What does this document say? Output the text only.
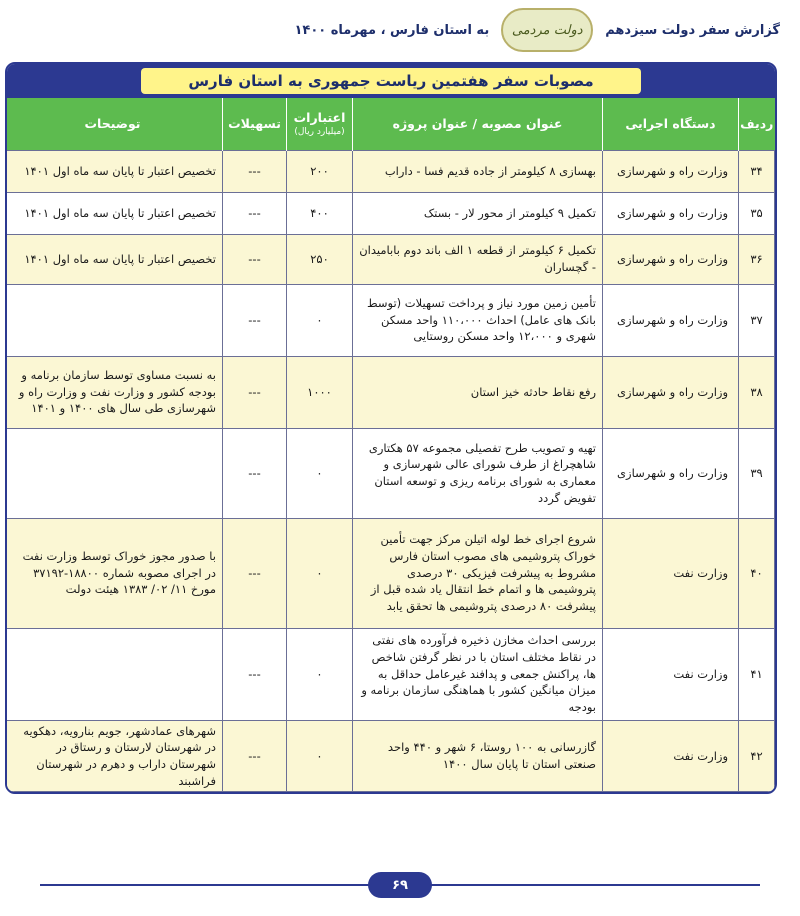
گزارش سفر دولت سیزدهم
دولت مردمی
به استان فارس ، مهرماه ۱۴۰۰
مصوبات سفر هفتمین ریاست جمهوری به استان فارس
ردیف	دستگاه اجرایی	عنوان مصوبه / عنوان پروژه	اعتبارات
(میلیارد ریال)	تسهیلات	توضیحات
۳۴	وزارت راه و شهرسازی	بهسازی ۸ کیلومتر از جاده قدیم فسا - داراب	۲۰۰	---	تخصیص اعتبار تا پایان سه ماه اول ۱۴۰۱
۳۵	وزارت راه و شهرسازی	تکمیل ۹ کیلومتر از محور لار - بستک	۴۰۰	---	تخصیص اعتبار تا پایان سه ماه اول ۱۴۰۱
۳۶	وزارت راه و شهرسازی	تکمیل ۶ کیلومتر از قطعه ۱ الف باند دوم بابامیدان - گچساران	۲۵۰	---	تخصیص اعتبار تا پایان سه ماه اول ۱۴۰۱
۳۷	وزارت راه و شهرسازی	تأمین زمین مورد نیاز و پرداخت تسهیلات (توسط بانک های عامل) احداث ۱۱۰،۰۰۰ واحد مسکن شهری و ۱۲،۰۰۰ واحد مسکن روستایی	۰	---	
۳۸	وزارت راه و شهرسازی	رفع نقاط حادثه خیز استان	۱۰۰۰	---	به نسبت مساوی توسط سازمان برنامه و بودجه کشور و وزارت نفت و وزارت راه و شهرسازی طی سال های ۱۴۰۰ و ۱۴۰۱
۳۹	وزارت راه و شهرسازی	تهیه و تصویب طرح تفصیلی مجموعه ۵۷ هکتاری شاهچراغ از طرف شورای عالی شهرسازی و معماری به شورای برنامه ریزی و توسعه استان تفویض گردد	۰	---	
۴۰	وزارت نفت	شروع اجرای خط لوله اتیلن مرکز جهت تأمین خوراک پتروشیمی های مصوب استان فارس مشروط به پیشرفت فیزیکی ۳۰ درصدی پتروشیمی ها و اتمام خط انتقال یاد شده قبل از پیشرفت ۸۰ درصدی پتروشیمی ها تحقق یابد	۰	---	با صدور مجوز خوراک توسط وزارت نفت در اجرای مصوبه شماره ۱۸۸۰۰-۳۷۱۹۲ مورخ ۱۱/ ۰۲/ ۱۳۸۳ هیئت دولت
۴۱	وزارت نفت	بررسی احداث مخازن ذخیره فرآورده های نفتی در نقاط مختلف استان با در نظر گرفتن شاخص ها، پراکنش جمعی و پدافند غیرعامل حداقل به میزان میانگین کشور با هماهنگی سازمان برنامه و بودجه	۰	---	
۴۲	وزارت نفت	گازرسانی به ۱۰۰ روستا، ۶ شهر و ۴۴۰ واحد صنعتی استان تا پایان سال ۱۴۰۰	۰	---	شهرهای عمادشهر، جویم بنارویه، دهکویه در شهرستان لارستان و رستاق در شهرستان داراب و دهرم در شهرستان فراشبند
۶۹
